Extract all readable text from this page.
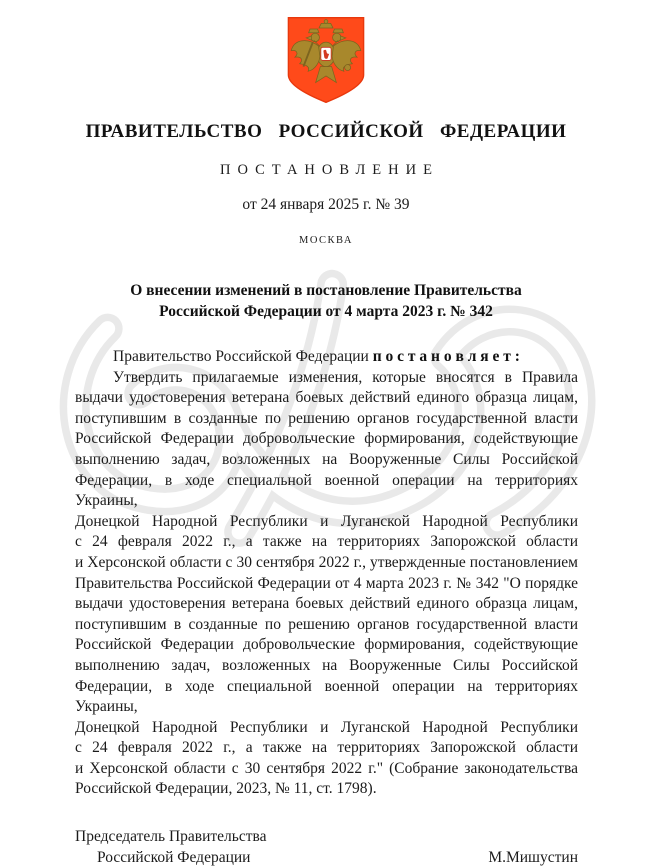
ПРАВИТЕЛЬСТВО РОССИЙСКОЙ ФЕДЕРАЦИИ
ПОСТАНОВЛЕНИЕ
от 24 января 2025 г. № 39
МОСКВА
О внесении изменений в постановление Правительства
Российской Федерации от 4 марта 2023 г. № 342
Правительство Российской Федерации п о с т а н о в л я е т :
Утвердить прилагаемые изменения, которые вносятся в Правила
выдачи удостоверения ветерана боевых действий единого образца лицам,
поступившим в созданные по решению органов государственной власти
Российской Федерации добровольческие формирования, содействующие
выполнению задач, возложенных на Вооруженные Силы Российской
Федерации, в ходе специальной военной операции на территориях Украины,
Донецкой Народной Республики и Луганской Народной Республики
с 24 февраля 2022 г., а также на территориях Запорожской области
и Херсонской области с 30 сентября 2022 г., утвержденные постановлением
Правительства Российской Федерации от 4 марта 2023 г. № 342 "О порядке
выдачи удостоверения ветерана боевых действий единого образца лицам,
поступившим в созданные по решению органов государственной власти
Российской Федерации добровольческие формирования, содействующие
выполнению задач, возложенных на Вооруженные Силы Российской
Федерации, в ходе специальной военной операции на территориях Украины,
Донецкой Народной Республики и Луганской Народной Республики
с 24 февраля 2022 г., а также на территориях Запорожской области
и Херсонской области с 30 сентября 2022 г." (Собрание законодательства
Российской Федерации, 2023, № 11, ст. 1798).
Председатель Правительства
Российской Федерации	М.Мишустин
